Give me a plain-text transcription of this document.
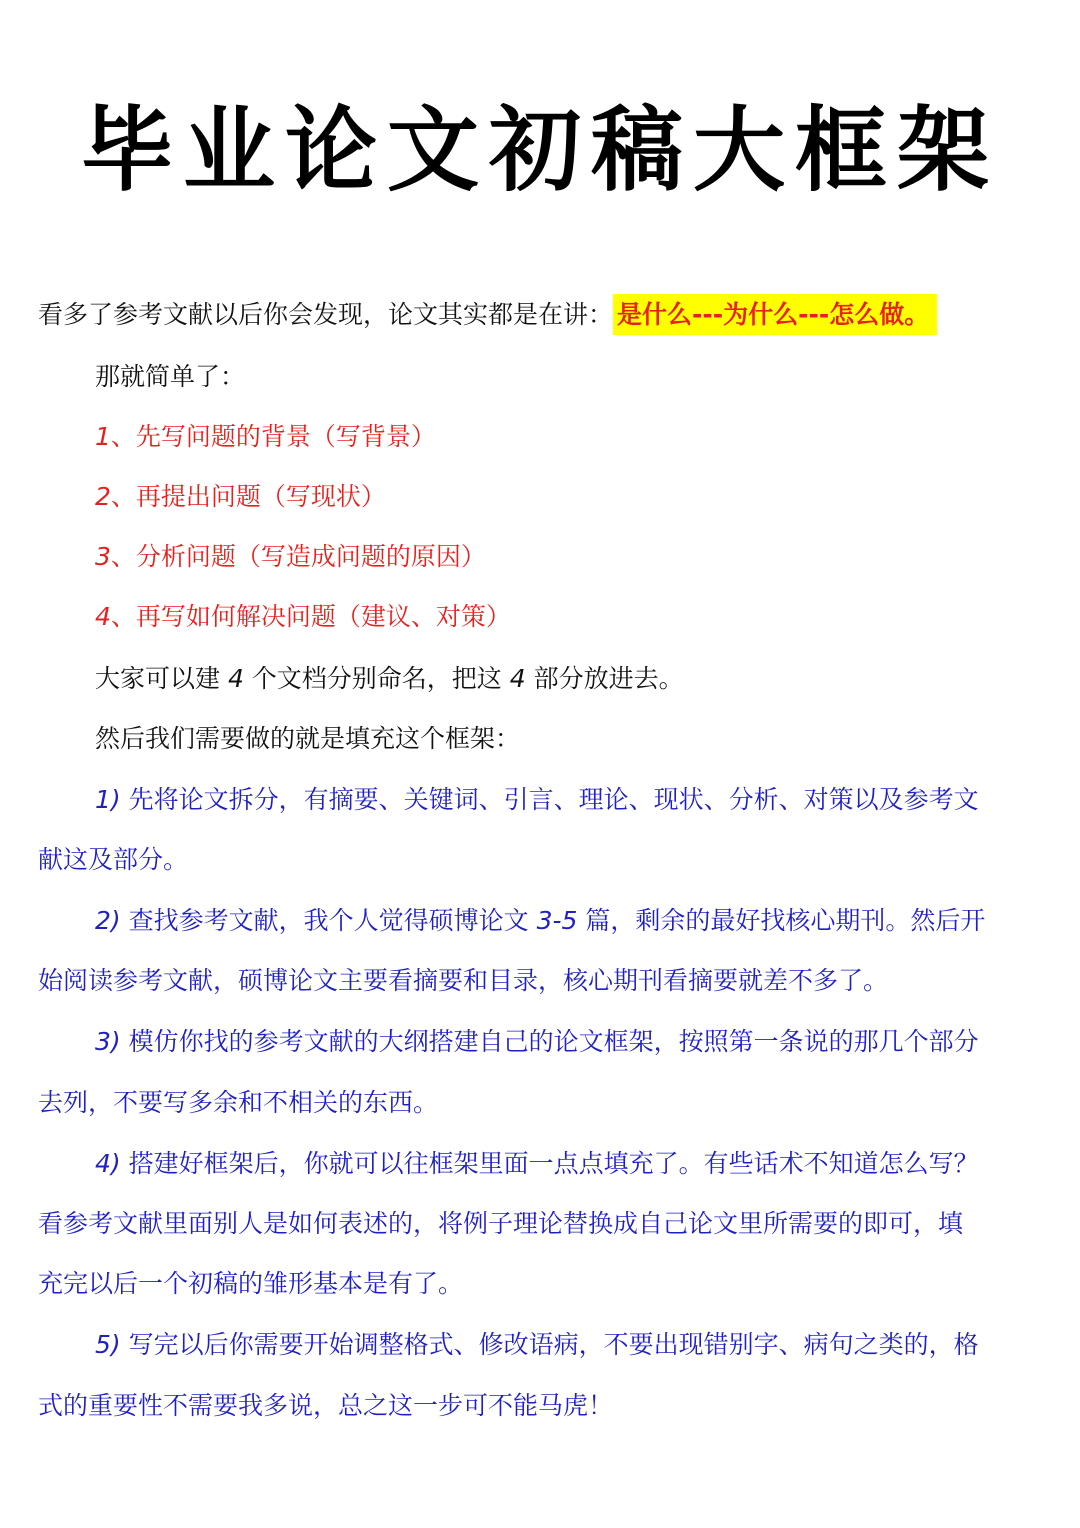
毕业论文初稿大框架
看多了参考文献以后你会发现，论文其实都是在讲： 是什么---为什么---怎么做。
那就简单了：
1、先写问题的背景（写背景）
2、再提出问题（写现状）
3、分析问题（写造成问题的原因）
4、再写如何解决问题（建议、对策）
大家可以建 4 个文档分别命名，把这 4 部分放进去。
然后我们需要做的就是填充这个框架：
1) 先将论文拆分，有摘要、关键词、引言、理论、现状、分析、对策以及参考文
献这及部分。
2) 查找参考文献，我个人觉得硕博论文 3-5 篇，剩余的最好找核心期刊。然后开
始阅读参考文献，硕博论文主要看摘要和目录，核心期刊看摘要就差不多了。
3) 模仿你找的参考文献的大纲搭建自己的论文框架，按照第一条说的那几个部分
去列，不要写多余和不相关的东西。
4) 搭建好框架后，你就可以往框架里面一点点填充了。有些话术不知道怎么写？
看参考文献里面别人是如何表述的，将例子理论替换成自己论文里所需要的即可，填
充完以后一个初稿的雏形基本是有了。
5) 写完以后你需要开始调整格式、修改语病，不要出现错别字、病句之类的，格
式的重要性不需要我多说，总之这一步可不能马虎！
